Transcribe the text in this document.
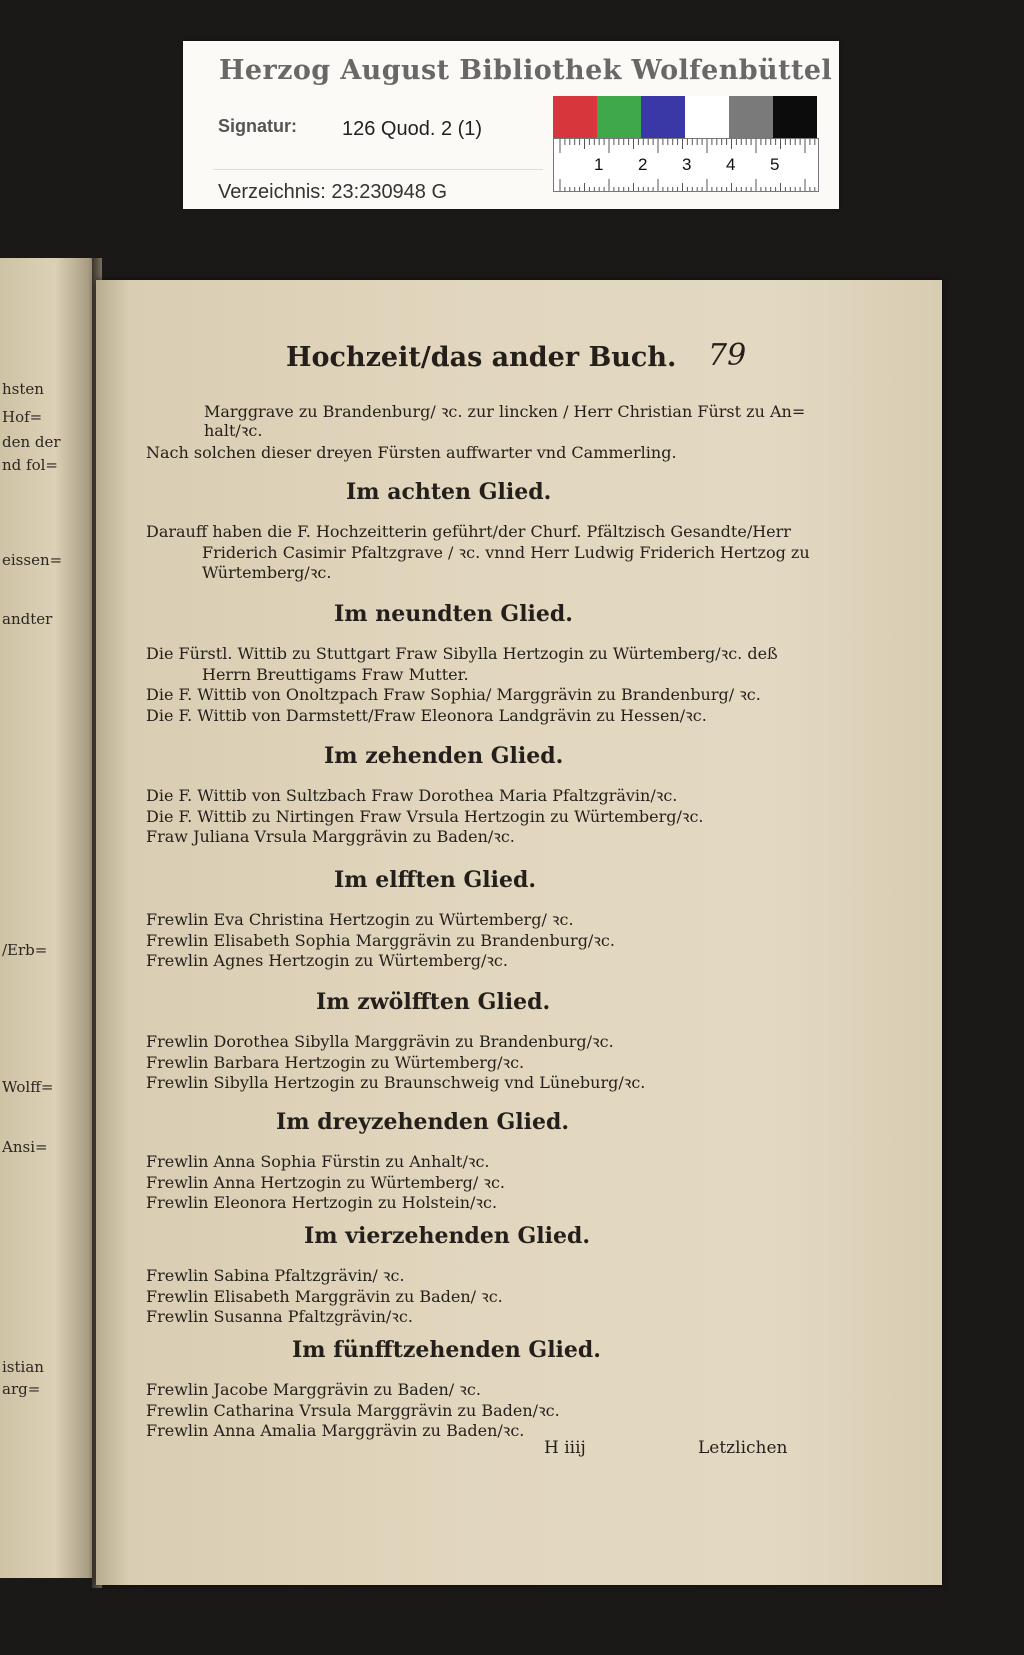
Herzog August Bibliothek Wolfenbüttel
Signatur: 126 Quod. 2 (1)
Verzeichnis: 23:230948 G
1 2 3 4 5
hsten
Hof=
den der
nd fol=
eissen=
andter
/Erb=
Wolff=
Ansi=
istian
arg=
Hochzeit/das ander Buch. 79
Marggrave zu Brandenburg/ ꝛc. zur lincken / Herr Christian Fürst zu An=
halt/ꝛc.
Nach solchen dieser dreyen Fürsten auffwarter vnd Cammerling.
Im achten Glied.
Darauff haben die F. Hochzeitterin geführt/der Churf. Pfältzisch Gesandte/Herr
Friderich Casimir Pfaltzgrave / ꝛc. vnnd Herr Ludwig Friderich Hertzog zu
Würtemberg/ꝛc.
Im neundten Glied.
Die Fürstl. Wittib zu Stuttgart Fraw Sibylla Hertzogin zu Würtemberg/ꝛc. deß
Herrn Breuttigams Fraw Mutter.
Die F. Wittib von Onoltzpach Fraw Sophia/ Marggrävin zu Brandenburg/ ꝛc.
Die F. Wittib von Darmstett/Fraw Eleonora Landgrävin zu Hessen/ꝛc.
Im zehenden Glied.
Die F. Wittib von Sultzbach Fraw Dorothea Maria Pfaltzgrävin/ꝛc.
Die F. Wittib zu Nirtingen Fraw Vrsula Hertzogin zu Würtemberg/ꝛc.
Fraw Juliana Vrsula Marggrävin zu Baden/ꝛc.
Im elfften Glied.
Frewlin Eva Christina Hertzogin zu Würtemberg/ ꝛc.
Frewlin Elisabeth Sophia Marggrävin zu Brandenburg/ꝛc.
Frewlin Agnes Hertzogin zu Würtemberg/ꝛc.
Im zwölfften Glied.
Frewlin Dorothea Sibylla Marggrävin zu Brandenburg/ꝛc.
Frewlin Barbara Hertzogin zu Würtemberg/ꝛc.
Frewlin Sibylla Hertzogin zu Braunschweig vnd Lüneburg/ꝛc.
Im dreyzehenden Glied.
Frewlin Anna Sophia Fürstin zu Anhalt/ꝛc.
Frewlin Anna Hertzogin zu Würtemberg/ ꝛc.
Frewlin Eleonora Hertzogin zu Holstein/ꝛc.
Im vierzehenden Glied.
Frewlin Sabina Pfaltzgrävin/ ꝛc.
Frewlin Elisabeth Marggrävin zu Baden/ ꝛc.
Frewlin Susanna Pfaltzgrävin/ꝛc.
Im fünfftzehenden Glied.
Frewlin Jacobe Marggrävin zu Baden/ ꝛc.
Frewlin Catharina Vrsula Marggrävin zu Baden/ꝛc.
Frewlin Anna Amalia Marggrävin zu Baden/ꝛc.
H iiij	Letzlichen
